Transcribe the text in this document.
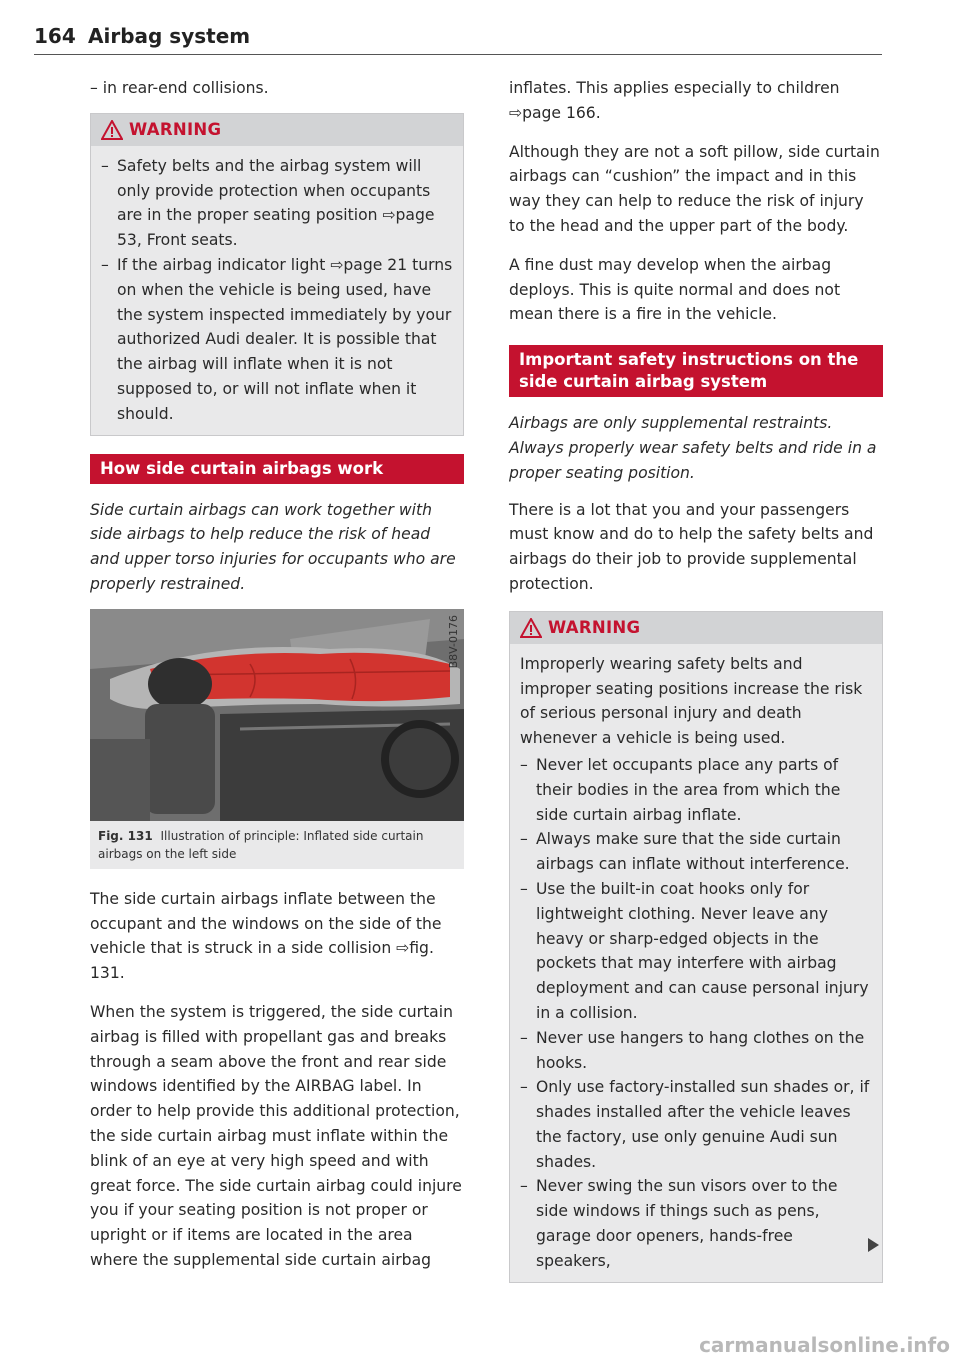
164 Airbag system

– in rear-end collisions.

WARNING
– Safety belts and the airbag system will only provide protection when occupants are in the proper seating position ⇨page 53, Front seats.
– If the airbag indicator light ⇨page 21 turns on when the vehicle is being used, have the system inspected immediately by your authorized Audi dealer. It is possible that the airbag will inflate when it is not supposed to, or will not inflate when it should.
How side curtain airbags work

Side curtain airbags can work together with side airbags to help reduce the risk of head and upper torso injuries for occupants who are properly restrained.

B8V-0176
Fig. 131 Illustration of principle: Inflated side curtain airbags on the left side

The side curtain airbags inflate between the occupant and the windows on the side of the vehicle that is struck in a side collision ⇨fig. 131.

When the system is triggered, the side curtain airbag is filled with propellant gas and breaks through a seam above the front and rear side windows identified by the AIRBAG label. In order to help provide this additional protection, the side curtain airbag must inflate within the blink of an eye at very high speed and with great force. The side curtain airbag could injure you if your seating position is not proper or upright or if items are located in the area where the supplemental side curtain airbag

inflates. This applies especially to children ⇨page 166.

Although they are not a soft pillow, side curtain airbags can “cushion” the impact and in this way they can help to reduce the risk of injury to the head and the upper part of the body.

A fine dust may develop when the airbag deploys. This is quite normal and does not mean there is a fire in the vehicle.

Important safety instructions on the side curtain airbag system

Airbags are only supplemental restraints. Always properly wear safety belts and ride in a proper seating position.

There is a lot that you and your passengers must know and do to help the safety belts and airbags do their job to provide supplemental protection.

WARNING

Improperly wearing safety belts and improper seating positions increase the risk of serious personal injury and death whenever a vehicle is being used.

– Never let occupants place any parts of their bodies in the area from which the side curtain airbag inflate.
– Always make sure that the side curtain airbags can inflate without interference.
– Use the built-in coat hooks only for lightweight clothing. Never leave any heavy or sharp-edged objects in the pockets that may interfere with airbag deployment and can cause personal injury in a collision.
– Never use hangers to hang clothes on the hooks.
– Only use factory-installed sun shades or, if shades installed after the vehicle leaves the factory, use only genuine Audi sun shades.
– Never swing the sun visors over to the side windows if things such as pens, garage door openers, hands-free speakers,
carmanualsonline.info
